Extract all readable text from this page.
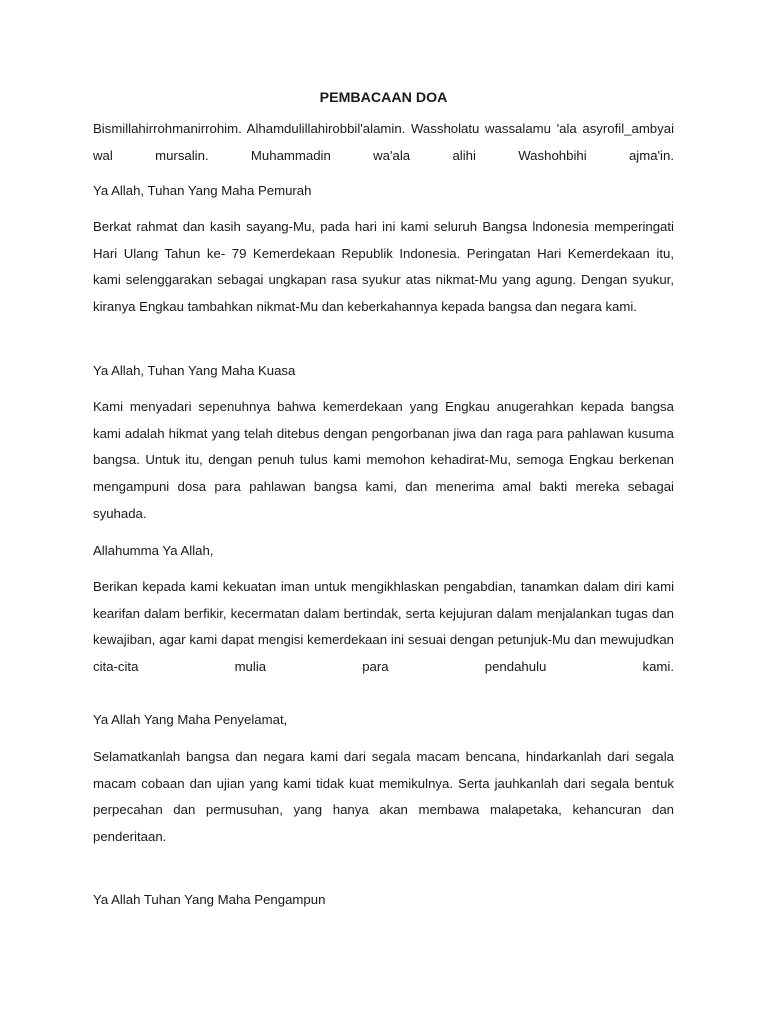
PEMBACAAN DOA

Bismillahirrohmanirrohim. Alhamdulillahirobbil'alamin. Wassholatu wassalamu 'ala asyrofil_ambyai wal mursalin. Muhammadin wa'ala alihi Washohbihi ajma'in.

Ya Allah, Tuhan Yang Maha Pemurah

Berkat rahmat dan kasih sayang-Mu, pada hari ini kami seluruh Bangsa lndonesia memperingati Hari Ulang Tahun ke- 79 Kemerdekaan Republik Indonesia. Peringatan Hari Kemerdekaan itu, kami selenggarakan sebagai ungkapan rasa syukur atas nikmat-Mu yang agung. Dengan syukur, kiranya Engkau tambahkan nikmat-Mu dan keberkahannya kepada bangsa dan negara kami.

Ya Allah, Tuhan Yang Maha Kuasa

Kami menyadari sepenuhnya bahwa kemerdekaan yang Engkau anugerahkan kepada bangsa kami adalah hikmat yang telah ditebus dengan pengorbanan jiwa dan raga para pahlawan kusuma bangsa. Untuk itu, dengan penuh tulus kami memohon kehadirat-Mu, semoga Engkau berkenan mengampuni dosa para pahlawan bangsa kami, dan menerima amal bakti mereka sebagai syuhada.

Allahumma Ya Allah,

Berikan kepada kami kekuatan iman untuk mengikhlaskan pengabdian, tanamkan dalam diri kami kearifan dalam berfikir, kecermatan dalam bertindak, serta kejujuran dalam menjalankan tugas dan kewajiban, agar kami dapat mengisi kemerdekaan ini sesuai dengan petunjuk-Mu dan mewujudkan cita-cita mulia para pendahulu kami.

Ya Allah Yang Maha Penyelamat,

Selamatkanlah bangsa dan negara kami dari segala macam bencana, hindarkanlah dari segala macam cobaan dan ujian yang kami tidak kuat memikulnya. Serta jauhkanlah dari segala bentuk perpecahan dan permusuhan, yang hanya akan membawa malapetaka, kehancuran dan penderitaan.

Ya Allah Tuhan Yang Maha Pengampun
